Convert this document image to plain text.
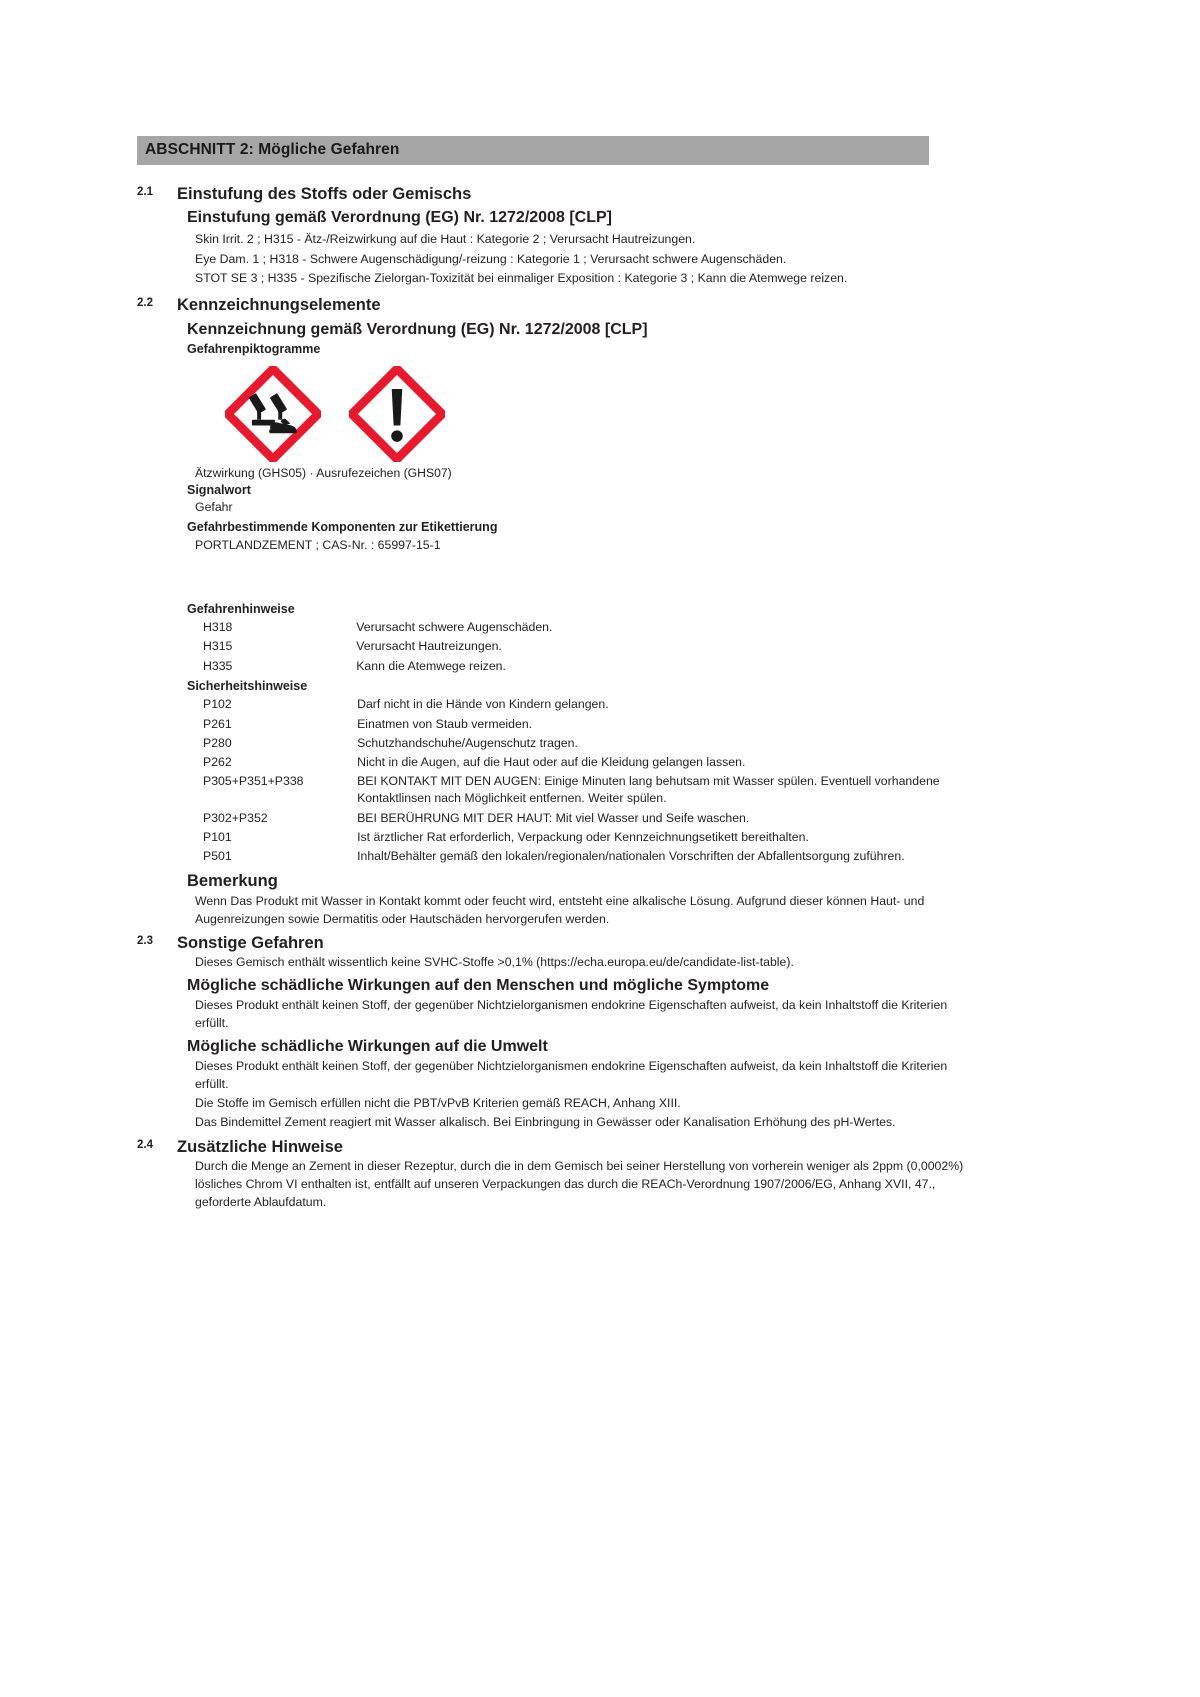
ABSCHNITT 2: Mögliche Gefahren
2.1 Einstufung des Stoffs oder Gemischs
Einstufung gemäß Verordnung (EG) Nr. 1272/2008 [CLP]
Skin Irrit. 2 ; H315 - Ätz-/Reizwirkung auf die Haut : Kategorie 2 ; Verursacht Hautreizungen.
Eye Dam. 1 ; H318 - Schwere Augenschädigung/-reizung : Kategorie 1 ; Verursacht schwere Augenschäden.
STOT SE 3 ; H335 - Spezifische Zielorgan-Toxizität bei einmaliger Exposition : Kategorie 3 ; Kann die Atemwege reizen.
2.2 Kennzeichnungselemente
Kennzeichnung gemäß Verordnung (EG) Nr. 1272/2008 [CLP]
Gefahrenpiktogramme
Ätzwirkung (GHS05) · Ausrufezeichen (GHS07)
Signalwort
Gefahr
Gefahrbestimmende Komponenten zur Etikettierung
PORTLANDZEMENT ; CAS-Nr. : 65997-15-1
Gefahrenhinweise
H318	Verursacht schwere Augenschäden.
H315	Verursacht Hautreizungen.
H335	Kann die Atemwege reizen.
Sicherheitshinweise
P102	Darf nicht in die Hände von Kindern gelangen.
P261	Einatmen von Staub vermeiden.
P280	Schutzhandschuhe/Augenschutz tragen.
P262	Nicht in die Augen, auf die Haut oder auf die Kleidung gelangen lassen.
P305+P351+P338	BEI KONTAKT MIT DEN AUGEN: Einige Minuten lang behutsam mit Wasser spülen. Eventuell vorhandene Kontaktlinsen nach Möglichkeit entfernen. Weiter spülen.
P302+P352	BEI BERÜHRUNG MIT DER HAUT: Mit viel Wasser und Seife waschen.
P101	Ist ärztlicher Rat erforderlich, Verpackung oder Kennzeichnungsetikett bereithalten.
P501	Inhalt/Behälter gemäß den lokalen/regionalen/nationalen Vorschriften der Abfallentsorgung zuführen.
Bemerkung
Wenn Das Produkt mit Wasser in Kontakt kommt oder feucht wird, entsteht eine alkalische Lösung. Aufgrund dieser können Haut- und Augenreizungen sowie Dermatitis oder Hautschäden hervorgerufen werden.
2.3 Sonstige Gefahren
Dieses Gemisch enthält wissentlich keine SVHC-Stoffe >0,1% (https://echa.europa.eu/de/candidate-list-table).
Mögliche schädliche Wirkungen auf den Menschen und mögliche Symptome
Dieses Produkt enthält keinen Stoff, der gegenüber Nichtzielorganismen endokrine Eigenschaften aufweist, da kein Inhaltstoff die Kriterien erfüllt.
Mögliche schädliche Wirkungen auf die Umwelt
Dieses Produkt enthält keinen Stoff, der gegenüber Nichtzielorganismen endokrine Eigenschaften aufweist, da kein Inhaltstoff die Kriterien erfüllt.
Die Stoffe im Gemisch erfüllen nicht die PBT/vPvB Kriterien gemäß REACH, Anhang XIII.
Das Bindemittel Zement reagiert mit Wasser alkalisch. Bei Einbringung in Gewässer oder Kanalisation Erhöhung des pH-Wertes.
2.4 Zusätzliche Hinweise
Durch die Menge an Zement in dieser Rezeptur, durch die in dem Gemisch bei seiner Herstellung von vorherein weniger als 2ppm (0,0002%) lösliches Chrom VI enthalten ist, entfällt auf unseren Verpackungen das durch die REACh-Verordnung 1907/2006/EG, Anhang XVII, 47., geforderte Ablaufdatum.
